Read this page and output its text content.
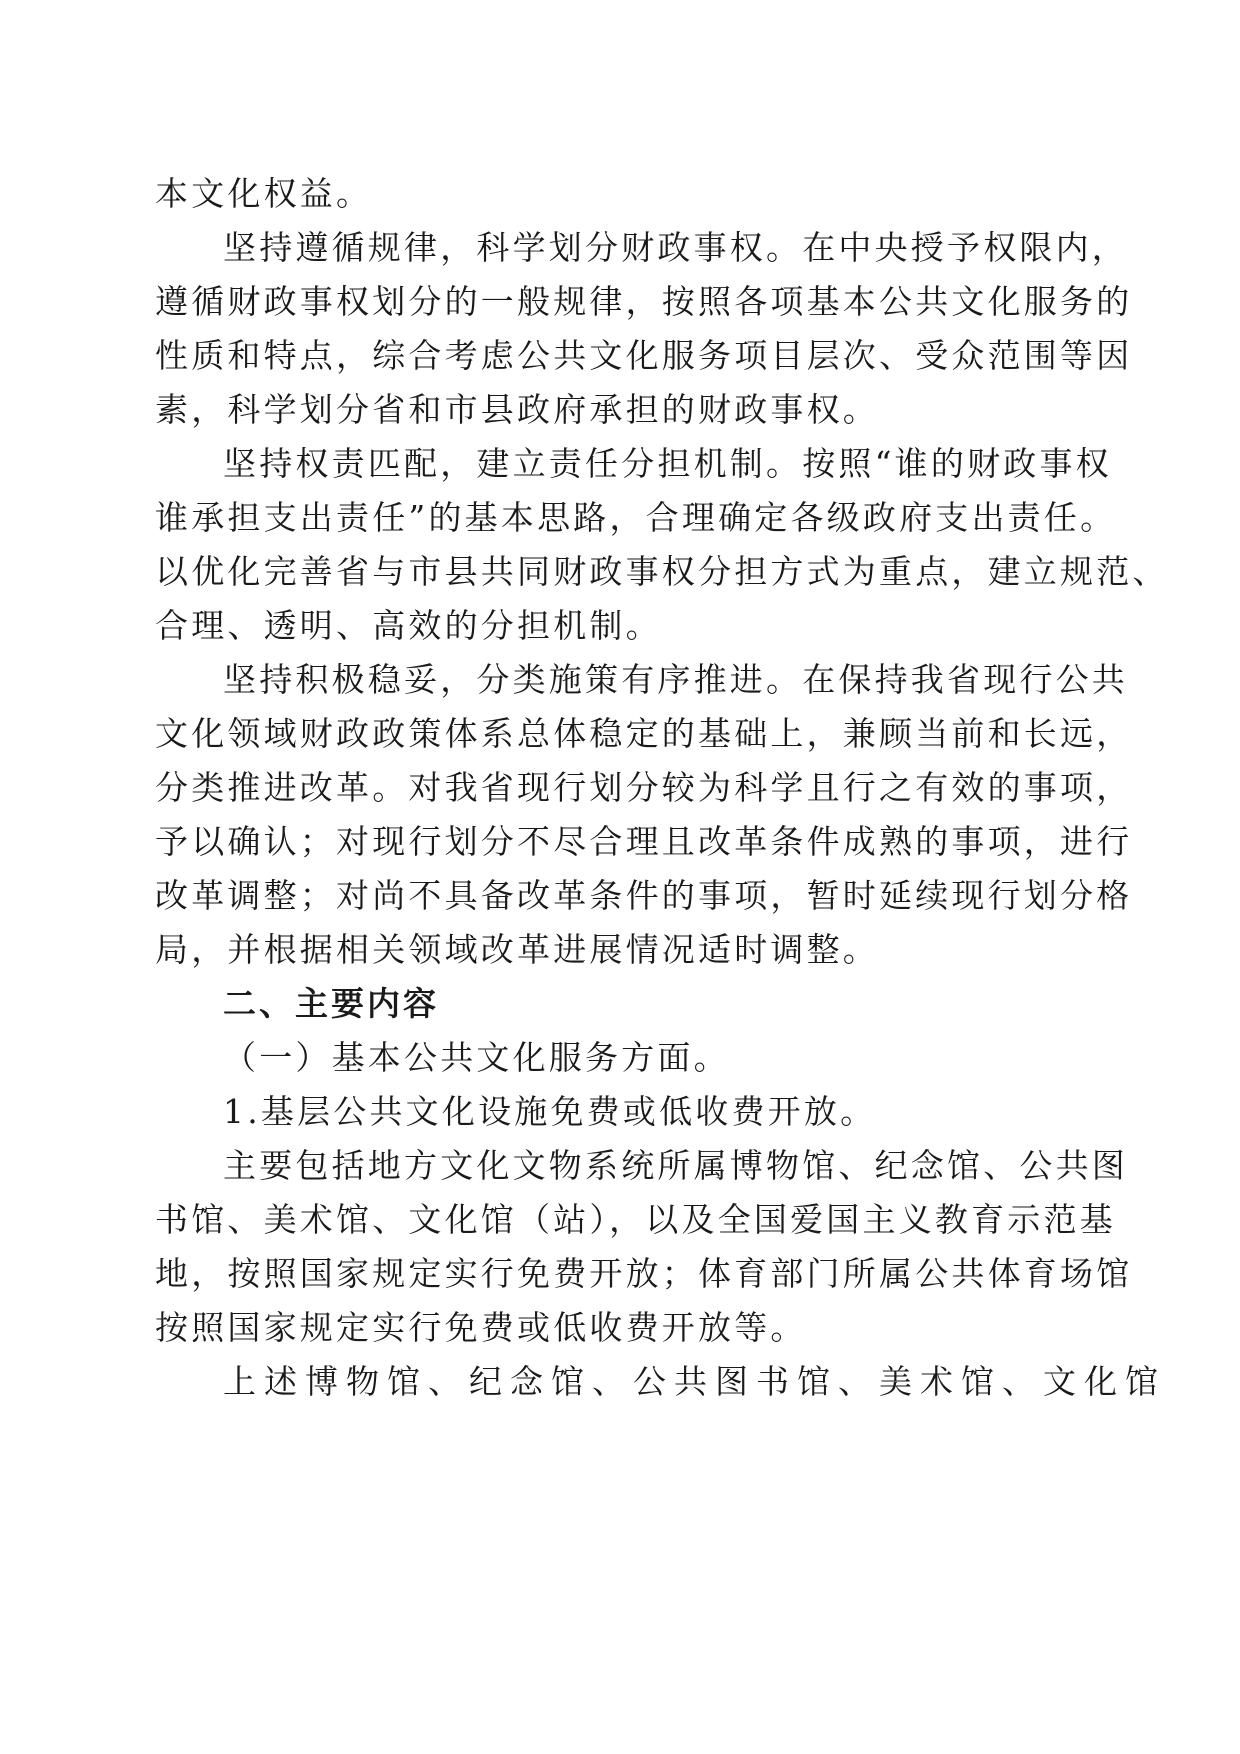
本文化权益。
坚持遵循规律，科学划分财政事权。在中央授予权限内，
遵循财政事权划分的一般规律，按照各项基本公共文化服务的
性质和特点，综合考虑公共文化服务项目层次、受众范围等因
素，科学划分省和市县政府承担的财政事权。
坚持权责匹配，建立责任分担机制。按照“谁的财政事权
谁承担支出责任”的基本思路，合理确定各级政府支出责任。
以优化完善省与市县共同财政事权分担方式为重点，建立规范、
合理、透明、高效的分担机制。
坚持积极稳妥，分类施策有序推进。在保持我省现行公共
文化领域财政政策体系总体稳定的基础上，兼顾当前和长远，
分类推进改革。对我省现行划分较为科学且行之有效的事项，
予以确认；对现行划分不尽合理且改革条件成熟的事项，进行
改革调整；对尚不具备改革条件的事项，暂时延续现行划分格
局，并根据相关领域改革进展情况适时调整。
二、主要内容
（一）基本公共文化服务方面。
1.基层公共文化设施免费或低收费开放。
主要包括地方文化文物系统所属博物馆、纪念馆、公共图
书馆、美术馆、文化馆（站），以及全国爱国主义教育示范基
地，按照国家规定实行免费开放；体育部门所属公共体育场馆
按照国家规定实行免费或低收费开放等。
上述博物馆、纪念馆、公共图书馆、美术馆、文化馆
